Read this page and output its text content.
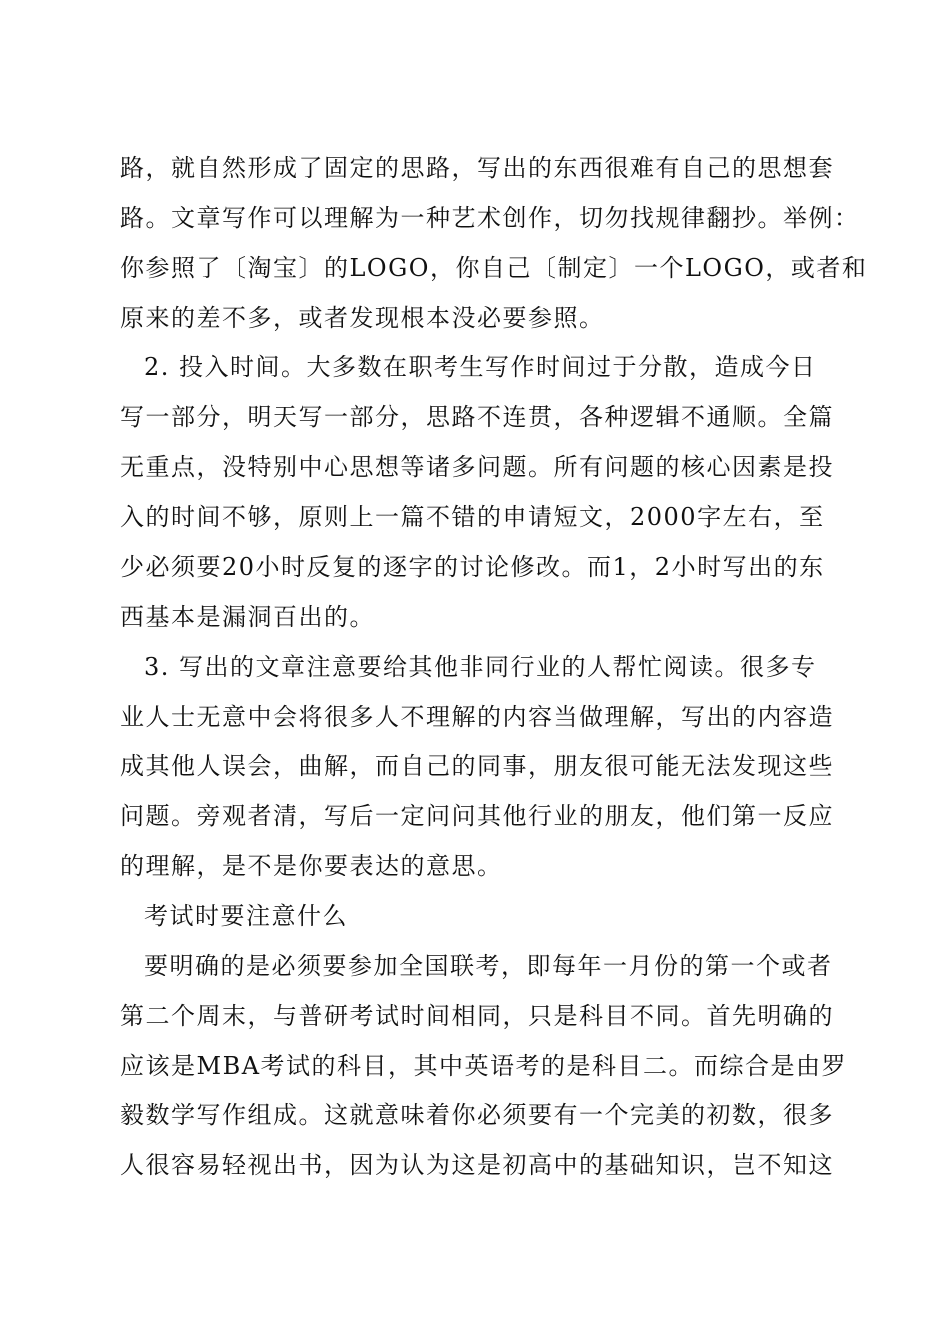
路，就自然形成了固定的思路，写出的东西很难有自己的思想套
路。文章写作可以理解为一种艺术创作，切勿找规律翻抄。举例：
你参照了〔淘宝〕的LOGO，你自己〔制定〕一个LOGO，或者和
原来的差不多，或者发现根本没必要参照。
2. 投入时间。大多数在职考生写作时间过于分散，造成今日
写一部分，明天写一部分，思路不连贯，各种逻辑不通顺。全篇
无重点，没特别中心思想等诸多问题。所有问题的核心因素是投
入的时间不够，原则上一篇不错的申请短文，2000字左右，至
少必须要20小时反复的逐字的讨论修改。而1，2小时写出的东
西基本是漏洞百出的。
3. 写出的文章注意要给其他非同行业的人帮忙阅读。很多专
业人士无意中会将很多人不理解的内容当做理解，写出的内容造
成其他人误会，曲解，而自己的同事，朋友很可能无法发现这些
问题。旁观者清，写后一定问问其他行业的朋友，他们第一反应
的理解，是不是你要表达的意思。
考试时要注意什么
要明确的是必须要参加全国联考，即每年一月份的第一个或者
第二个周末，与普研考试时间相同，只是科目不同。首先明确的
应该是MBA考试的科目，其中英语考的是科目二。而综合是由罗
毅数学写作组成。这就意味着你必须要有一个完美的初数，很多
人很容易轻视出书，因为认为这是初高中的基础知识，岂不知这
